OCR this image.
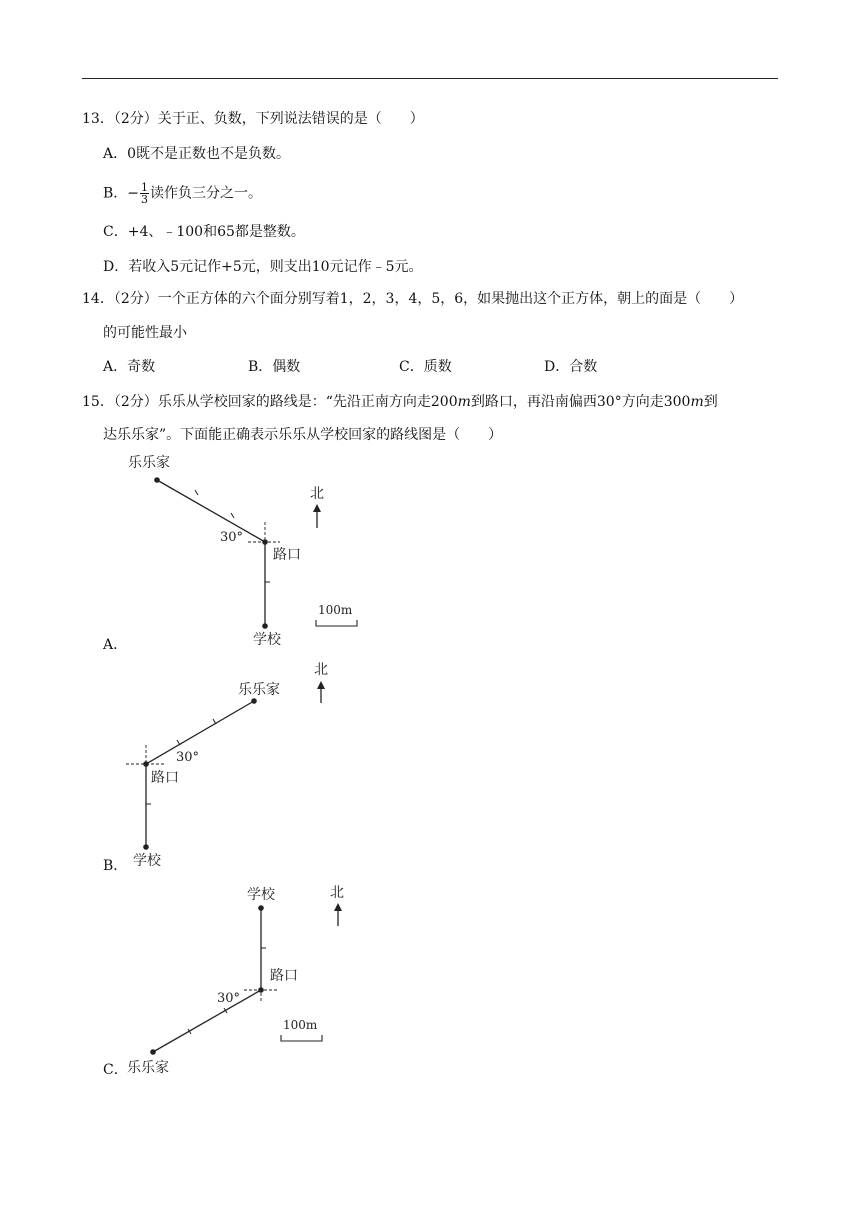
13．（2分）关于正、负数，下列说法错误的是（　　）
A．0既不是正数也不是负数。
B．− $\frac{1}{3}$ 读作负三分之一。
C．+4、﹣100和65都是整数。
D．若收入5元记作+5元，则支出10元记作﹣5元。
14．（2分）一个正方体的六个面分别写着1，2，3，4，5，6，如果抛出这个正方体，朝上的面是（　　）
的可能性最小
A．奇数	B．偶数	C．质数	D．合数
15．（2分）乐乐从学校回家的路线是：“先沿正南方向走200m到路口，再沿南偏西30°方向走300m到
达乐乐家”。下面能正确表示乐乐从学校回家的路线图是（　　）
乐乐家
30°
路口
学校
北
100m
A．
乐乐家
30°
路口
学校
北
B．
学校
路口
30°
乐乐家
北
100m
C．
